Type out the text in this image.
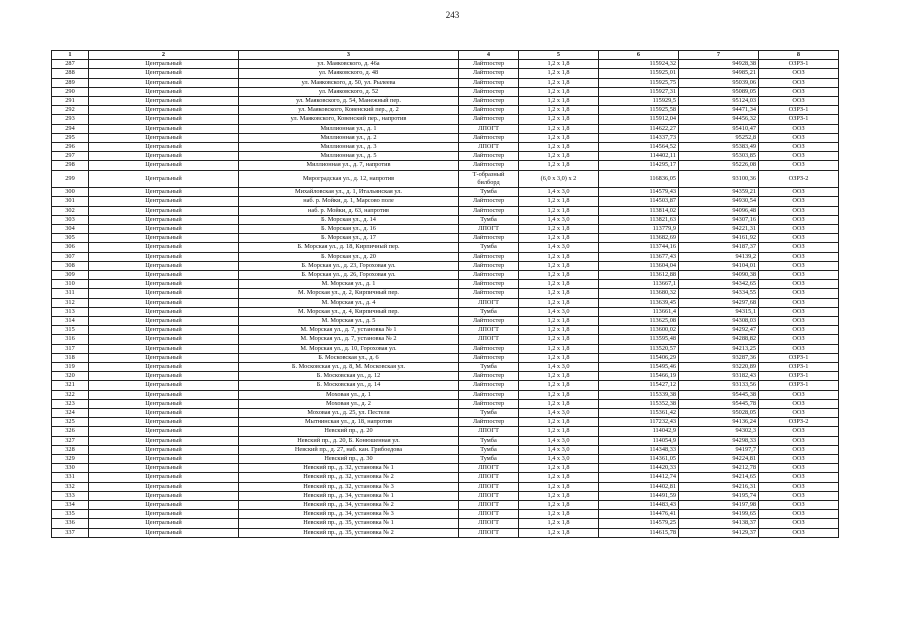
243
1	2	3	4	5	6	7	8
287	Центральный	ул. Маяковского, д. 46а	Лайтпостер	1,2 х 1,8	115924,32	94928,38	ОЗРЗ-1
288	Центральный	ул. Маяковского, д. 48	Лайтпостер	1,2 х 1,8	115925,01	94985,21	ООЗ
289	Центральный	ул. Маяковского, д. 50, ул. Рылеева	Лайтпостер	1,2 х 1,8	115925,75	95039,06	ООЗ
290	Центральный	ул. Маяковского, д. 52	Лайтпостер	1,2 х 1,8	115927,31	95089,05	ООЗ
291	Центральный	ул. Маяковского, д. 54, Манежный пер.	Лайтпостер	1,2 х 1,8	115929,5	95124,03	ООЗ
292	Центральный	ул. Маяковского, Ковенский пер., д. 2	Лайтпостер	1,2 х 1,8	115925,58	94471,34	ОЗРЗ-1
293	Центральный	ул. Маяковского, Ковенский пер., напротив	Лайтпостер	1,2 х 1,8	115912,04	94456,32	ОЗРЗ-1
294	Центральный	Миллионная ул., д. 1	ЛПОГТ	1,2 х 1,8	114622,27	95410,47	ООЗ
295	Центральный	Миллионная ул., д. 2	Лайтпостер	1,2 х 1,8	114337,73	95252,8	ООЗ
296	Центральный	Миллионная ул., д. 3	ЛПОГТ	1,2 х 1,8	114564,52	95383,49	ООЗ
297	Центральный	Миллионная ул., д. 5	Лайтпостер	1,2 х 1,8	114402,11	95303,85	ООЗ
298	Центральный	Миллионная ул., д. 7, напротив	Лайтпостер	1,2 х 1,8	114295,17	95226,08	ООЗ
299	Центральный	Мироградская ул., д. 12, напротив	Т-образный билборд	(6,0 х 3,0) х 2	116836,05	93100,36	ОЗРЗ-2
300	Центральный	Михайловская ул., д. 1, Итальянская ул.	Тумба	1,4 х 3,0	114579,43	94359,21	ООЗ
301	Центральный	наб. р. Мойки, д. 1, Марсово поле	Лайтпостер	1,2 х 1,8	114503,87	94930,54	ООЗ
302	Центральный	наб. р. Мойки, д. 63, напротив	Лайтпостер	1,2 х 1,8	113814,02	94096,48	ООЗ
303	Центральный	Б. Морская ул., д. 14	Тумба	1,4 х 3,0	113821,63	94307,16	ООЗ
304	Центральный	Б. Морская ул., д. 16	ЛПОГТ	1,2 х 1,8	113779,9	94221,31	ООЗ
305	Центральный	Б. Морская ул., д. 17	Лайтпостер	1,2 х 1,8	113682,69	94161,92	ООЗ
306	Центральный	Б. Морская ул., д. 18, Кирпичный пер.	Тумба	1,4 х 3,0	113744,16	94187,37	ООЗ
307	Центральный	Б. Морская ул., д. 20	Лайтпостер	1,2 х 1,8	113677,43	94139,2	ООЗ
308	Центральный	Б. Морская ул., д. 23, Гороховая ул.	Лайтпостер	1,2 х 1,8	113604,04	94104,01	ООЗ
309	Центральный	Б. Морская ул., д. 26, Гороховая ул.	Лайтпостер	1,2 х 1,8	113612,88	94090,38	ООЗ
310	Центральный	М. Морская ул., д. 1	Лайтпостер	1,2 х 1,8	113667,1	94342,65	ООЗ
311	Центральный	М. Морская ул., д. 2, Кирпичный пер.	Лайтпостер	1,2 х 1,8	113680,32	94334,55	ООЗ
312	Центральный	М. Морская ул., д. 4	ЛПОГТ	1,2 х 1,8	113639,45	94297,68	ООЗ
313	Центральный	М. Морская ул., д. 4, Кирпичный пер.	Тумба	1,4 х 3,0	113661,4	94315,1	ООЗ
314	Центральный	М. Морская ул., д. 5	Лайтпостер	1,2 х 1,8	113625,08	94308,03	ООЗ
315	Центральный	М. Морская ул., д. 7, установка № 1	ЛПОГТ	1,2 х 1,8	113600,02	94292,47	ООЗ
316	Центральный	М. Морская ул., д. 7, установка № 2	ЛПОГТ	1,2 х 1,8	113595,48	94288,82	ООЗ
317	Центральный	М. Морская ул., д. 10, Гороховая ул.	Лайтпостер	1,2 х 1,8	113520,57	94213,25	ООЗ
318	Центральный	Б. Московская ул., д. 6	Лайтпостер	1,2 х 1,8	115406,29	93287,36	ОЗРЗ-1
319	Центральный	Б. Московская ул., д. 8, М. Московская ул.	Тумба	1,4 х 3,0	115495,46	93220,89	ОЗРЗ-1
320	Центральный	Б. Московская ул., д. 12	Лайтпостер	1,2 х 1,8	115466,19	93182,43	ОЗРЗ-1
321	Центральный	Б. Московская ул., д. 14	Лайтпостер	1,2 х 1,8	115427,12	93133,56	ОЗРЗ-1
322	Центральный	Моховая ул., д. 1	Лайтпостер	1,2 х 1,8	115339,38	95445,38	ООЗ
323	Центральный	Моховая ул., д. 2	Лайтпостер	1,2 х 1,8	115352,38	95445,78	ООЗ
324	Центральный	Моховая ул., д. 25, ул. Пестеля	Тумба	1,4 х 3,0	115361,42	95028,05	ООЗ
325	Центральный	Мытнинская ул., д. 18, напротив	Лайтпостер	1,2 х 1,8	117232,43	94136,24	ОЗРЗ-2
326	Центральный	Невский пр., д. 20	ЛПОГТ	1,2 х 1,8	114042,9	94302,3	ООЗ
327	Центральный	Невский пр., д. 20, Б. Конюшенная ул.	Тумба	1,4 х 3,0	114054,9	94298,33	ООЗ
328	Центральный	Невский пр., д. 27, наб. кан. Грибоедова	Тумба	1,4 х 3,0	114348,33	94197,7	ООЗ
329	Центральный	Невский пр., д. 30	Тумба	1,4 х 3,0	114361,05	94224,81	ООЗ
330	Центральный	Невский пр., д. 32, установка № 1	ЛПОГТ	1,2 х 1,8	114420,33	94212,78	ООЗ
331	Центральный	Невский пр., д. 32, установка № 2	ЛПОГТ	1,2 х 1,8	114412,74	94214,65	ООЗ
332	Центральный	Невский пр., д. 32, установка № 3	ЛПОГТ	1,2 х 1,8	114402,81	94216,31	ООЗ
333	Центральный	Невский пр., д. 34, установка № 1	ЛПОГТ	1,2 х 1,8	114491,59	94195,74	ООЗ
334	Центральный	Невский пр., д. 34, установка № 2	ЛПОГТ	1,2 х 1,8	114483,43	94197,98	ООЗ
335	Центральный	Невский пр., д. 34, установка № 3	ЛПОГТ	1,2 х 1,8	114476,41	94199,65	ООЗ
336	Центральный	Невский пр., д. 35, установка № 1	ЛПОГТ	1,2 х 1,8	114579,25	94138,37	ООЗ
337	Центральный	Невский пр., д. 35, установка № 2	ЛПОГТ	1,2 х 1,8	114615,78	94129,37	ООЗ
